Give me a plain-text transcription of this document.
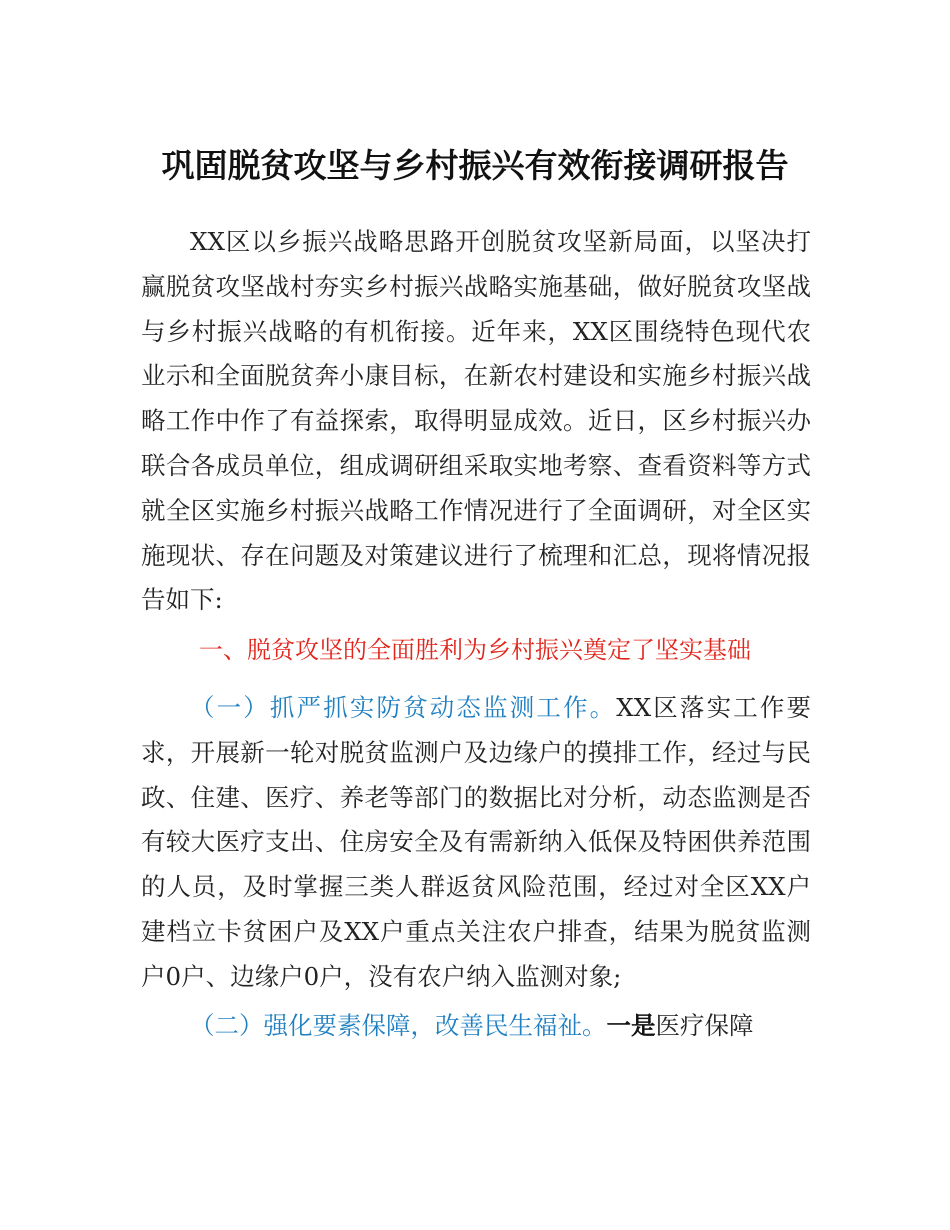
巩固脱贫攻坚与乡村振兴有效衔接调研报告

XX区以乡振兴战略思路开创脱贫攻坚新局面，以坚决打赢脱贫攻坚战村夯实乡村振兴战略实施基础，做好脱贫攻坚战与乡村振兴战略的有机衔接。近年来，XX区围绕特色现代农业示和全面脱贫奔小康目标，在新农村建设和实施乡村振兴战略工作中作了有益探索，取得明显成效。近日，区乡村振兴办联合各成员单位，组成调研组采取实地考察、查看资料等方式就全区实施乡村振兴战略工作情况进行了全面调研，对全区实施现状、存在问题及对策建议进行了梳理和汇总，现将情况报告如下:

一、脱贫攻坚的全面胜利为乡村振兴奠定了坚实基础

（一）抓严抓实防贫动态监测工作。XX区落实工作要求，开展新一轮对脱贫监测户及边缘户的摸排工作，经过与民政、住建、医疗、养老等部门的数据比对分析，动态监测是否有较大医疗支出、住房安全及有需新纳入低保及特困供养范围的人员，及时掌握三类人群返贫风险范围，经过对全区XX户建档立卡贫困户及XX户重点关注农户排查，结果为脱贫监测户0户、边缘户0户，没有农户纳入监测对象;

（二）强化要素保障，改善民生福祉。一是医疗保障
